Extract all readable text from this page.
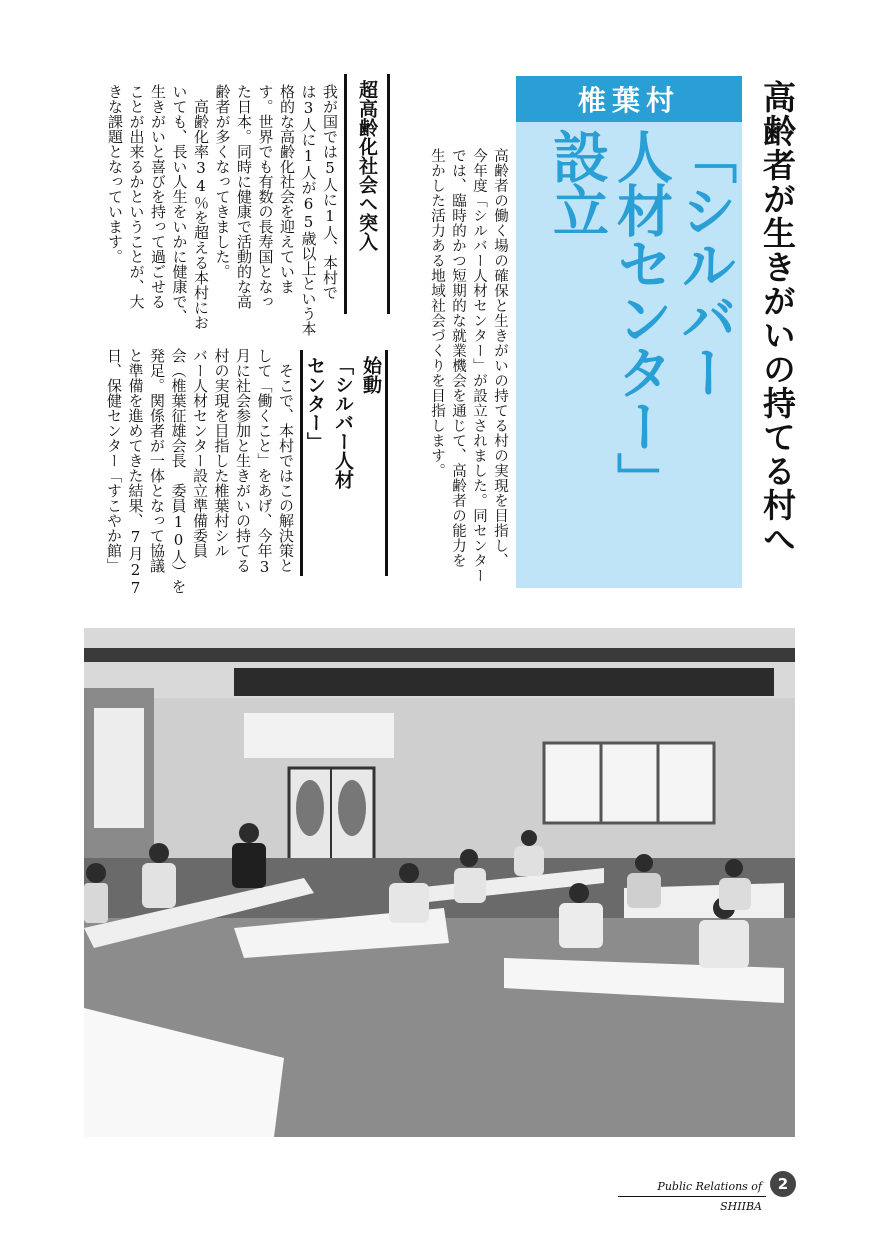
高齢者が生きがいの持てる村へ
椎葉村
「シルバー
人材センター」
設立
高齢者の働く場の確保と生きがいの持てる村の実現を目指し、
今年度「シルバー人材センター」が設立されました。同センター
では、臨時的かつ短期的な就業機会を通じて、高齢者の能力を
生かした活力ある地域社会づくりを目指します。
超高齢化社会へ突入
我が国では5人に1人、本村で
は3人に1人が65歳以上という本
格的な高齢化社会を迎えていま
す。世界でも有数の長寿国となっ
た日本。同時に健康で活動的な高
齢者が多くなってきました。
　高齢化率34％を超える本村にお
いても、長い人生をいかに健康で、
生きがいと喜びを持って過ごせる
ことが出来るかということが、大
きな課題となっています。
始動
「シルバー人材
センター」
　そこで、本村ではこの解決策と
して「働くこと」をあげ、今年3
月に社会参加と生きがいの持てる
村の実現を目指した椎葉村シル
バー人材センター設立準備委員
会（椎葉征雄会長　委員10人）を
発足。関係者が一体となって協議
と準備を進めてきた結果、7月27
日、保健センター「すこやか館」
Public Relations of SHIIBA
2
